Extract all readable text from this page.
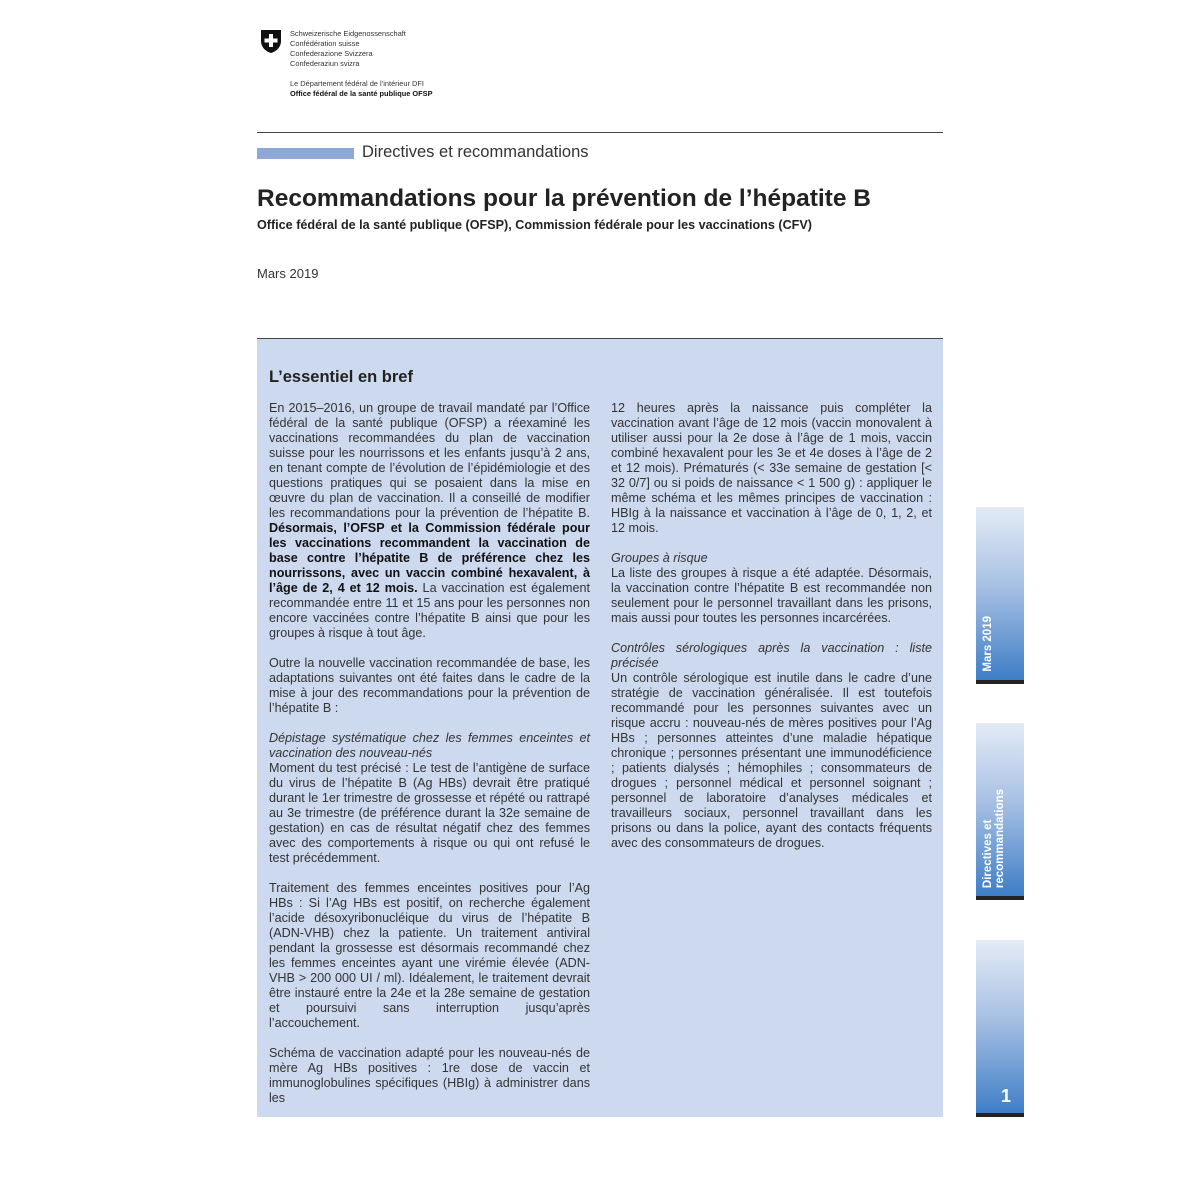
Schweizerische Eidgenossenschaft
Confédération suisse
Confederazione Svizzera
Confederaziun svizra
Le Département fédéral de l’intérieur DFI
Office fédéral de la santé publique OFSP
Directives et recommandations
Recommandations pour la prévention de l’hépatite B
Office fédéral de la santé publique (OFSP), Commission fédérale pour les vaccinations (CFV)
Mars 2019
L’essentiel en bref

En 2015–2016, un groupe de travail mandaté par l’Office fédéral de la santé publique (OFSP) a réexaminé les vaccinations recommandées du plan de vaccination suisse pour les nourrissons et les enfants jusqu’à 2 ans, en tenant compte de l’évolution de l’épidémiologie et des questions pratiques qui se posaient dans la mise en œuvre du plan de vaccination. Il a conseillé de modifier les recommandations pour la prévention de l’hépatite B. Désormais, l’OFSP et la Commission fédérale pour les vaccinations recommandent la vaccination de base contre l’hépatite B de préférence chez les nourrissons, avec un vaccin combiné hexavalent, à l’âge de 2, 4 et 12 mois. La vaccination est également recommandée entre 11 et 15 ans pour les personnes non encore vaccinées contre l’hépatite B ainsi que pour les groupes à risque à tout âge.

Outre la nouvelle vaccination recommandée de base, les adaptations suivantes ont été faites dans le cadre de la mise à jour des recommandations pour la prévention de l’hépatite B :

Dépistage systématique chez les femmes enceintes et vaccination des nouveau-nés
Moment du test précisé : Le test de l’antigène de surface du virus de l’hépatite B (Ag HBs) devrait être pratiqué durant le 1er trimestre de grossesse et répété ou rattrapé au 3e trimestre (de préférence durant la 32e semaine de gestation) en cas de résultat négatif chez des femmes avec des comportements à risque ou qui ont refusé le test précédemment.

Traitement des femmes enceintes positives pour l’Ag HBs : Si l’Ag HBs est positif, on recherche également l’acide désoxyribonucléique du virus de l’hépatite B (ADN-VHB) chez la patiente. Un traitement antiviral pendant la grossesse est désormais recommandé chez les femmes enceintes ayant une virémie élevée (ADN-VHB > 200 000 UI / ml). Idéalement, le traitement devrait être instauré entre la 24e et la 28e semaine de gestation et poursuivi sans interruption jusqu’après l’accouchement.

Schéma de vaccination adapté pour les nouveau-nés de mère Ag HBs positives : 1re dose de vaccin et immunoglobulines spécifiques (HBIg) à administrer dans les

12 heures après la naissance puis compléter la vaccination avant l’âge de 12 mois (vaccin monovalent à utiliser aussi pour la 2e dose à l’âge de 1 mois, vaccin combiné hexavalent pour les 3e et 4e doses à l’âge de 2 et 12 mois). Prématurés (< 33e semaine de gestation [< 32 0/7] ou si poids de naissance < 1 500 g) : appliquer le même schéma et les mêmes principes de vaccination : HBIg à la naissance et vaccination à l’âge de 0, 1, 2, et 12 mois.

Groupes à risque
La liste des groupes à risque a été adaptée. Désormais, la vaccination contre l’hépatite B est recommandée non seulement pour le personnel travaillant dans les prisons, mais aussi pour toutes les personnes incarcérées.

Contrôles sérologiques après la vaccination : liste précisée
Un contrôle sérologique est inutile dans le cadre d’une stratégie de vaccination généralisée. Il est toutefois recommandé pour les personnes suivantes avec un risque accru : nouveau-nés de mères positives pour l’Ag HBs ; personnes atteintes d’une maladie hépatique chronique ; personnes présentant une immunodéficience ; patients dialysés ; hémophiles ; consommateurs de drogues ; personnel médical et personnel soignant ; personnel de laboratoire d’analyses médicales et travailleurs sociaux, personnel travaillant dans les prisons ou dans la police, ayant des contacts fréquents avec des consommateurs de drogues.

Mars 2019
Directives et
recommandations
1
